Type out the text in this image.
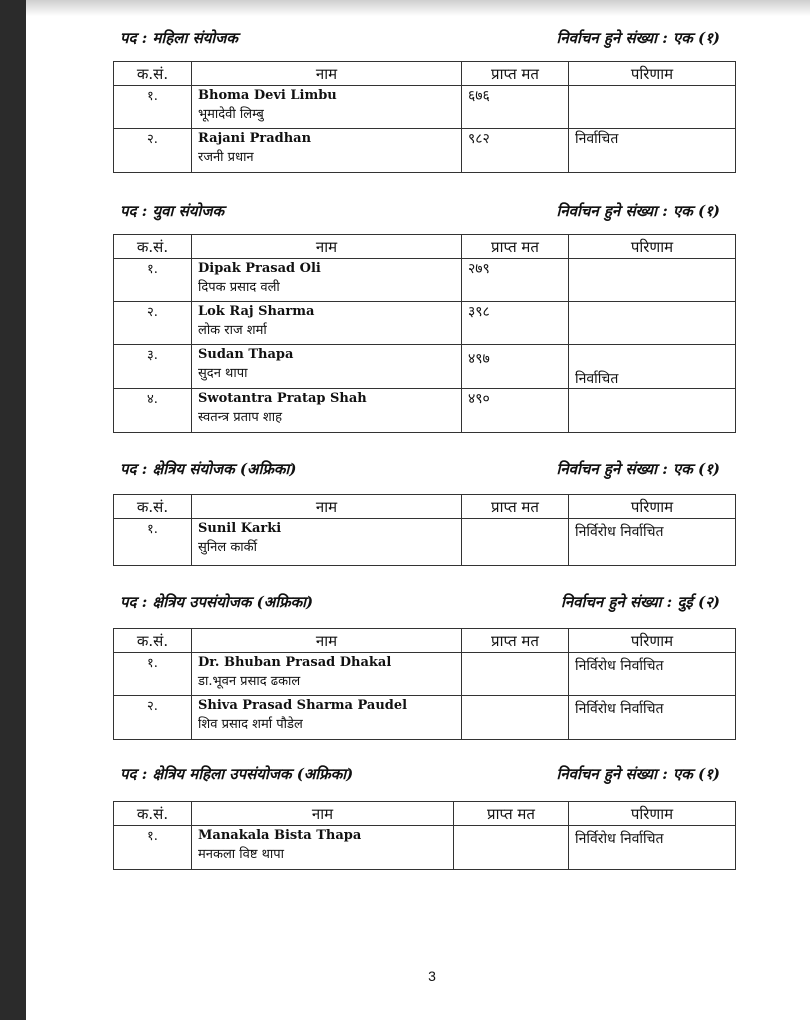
पद : महिला संयोजक	निर्वाचन हुने संख्या : एक (१)
क.सं.	नाम	प्राप्त मत	परिणाम
१.	Bhoma Devi Limbu
भूमादेवी लिम्बु	६७६	
२.	Rajani Pradhan
रजनी प्रधान	९८२	निर्वाचित
पद : युवा संयोजक	निर्वाचन हुने संख्या : एक (१)
क.सं.	नाम	प्राप्त मत	परिणाम
१.	Dipak Prasad Oli
दिपक प्रसाद वली	२७९	
२.	Lok Raj Sharma
लोक राज शर्मा	३९८	
३.	Sudan Thapa
सुदन थापा	४९७	निर्वाचित
४.	Swotantra Pratap Shah
स्वतन्त्र प्रताप शाह	४९०	
पद : क्षेत्रिय संयोजक (अफ्रिका)	निर्वाचन हुने संख्या : एक (१)
क.सं.	नाम	प्राप्त मत	परिणाम
१.	Sunil Karki
सुनिल कार्की		निर्विरोध निर्वाचित
पद : क्षेत्रिय उपसंयोजक (अफ्रिका)	निर्वाचन हुने संख्या : दुई (२)
क.सं.	नाम	प्राप्त मत	परिणाम
१.	Dr. Bhuban Prasad Dhakal
डा.भूवन प्रसाद ढकाल		निर्विरोध निर्वाचित
२.	Shiva Prasad Sharma Paudel
शिव प्रसाद शर्मा पौडेल		निर्विरोध निर्वाचित
पद : क्षेत्रिय महिला उपसंयोजक (अफ्रिका)	निर्वाचन हुने संख्या : एक (१)
क.सं.	नाम	प्राप्त मत	परिणाम
१.	Manakala Bista Thapa
मनकला विष्ट थापा		निर्विरोध निर्वाचित
3
